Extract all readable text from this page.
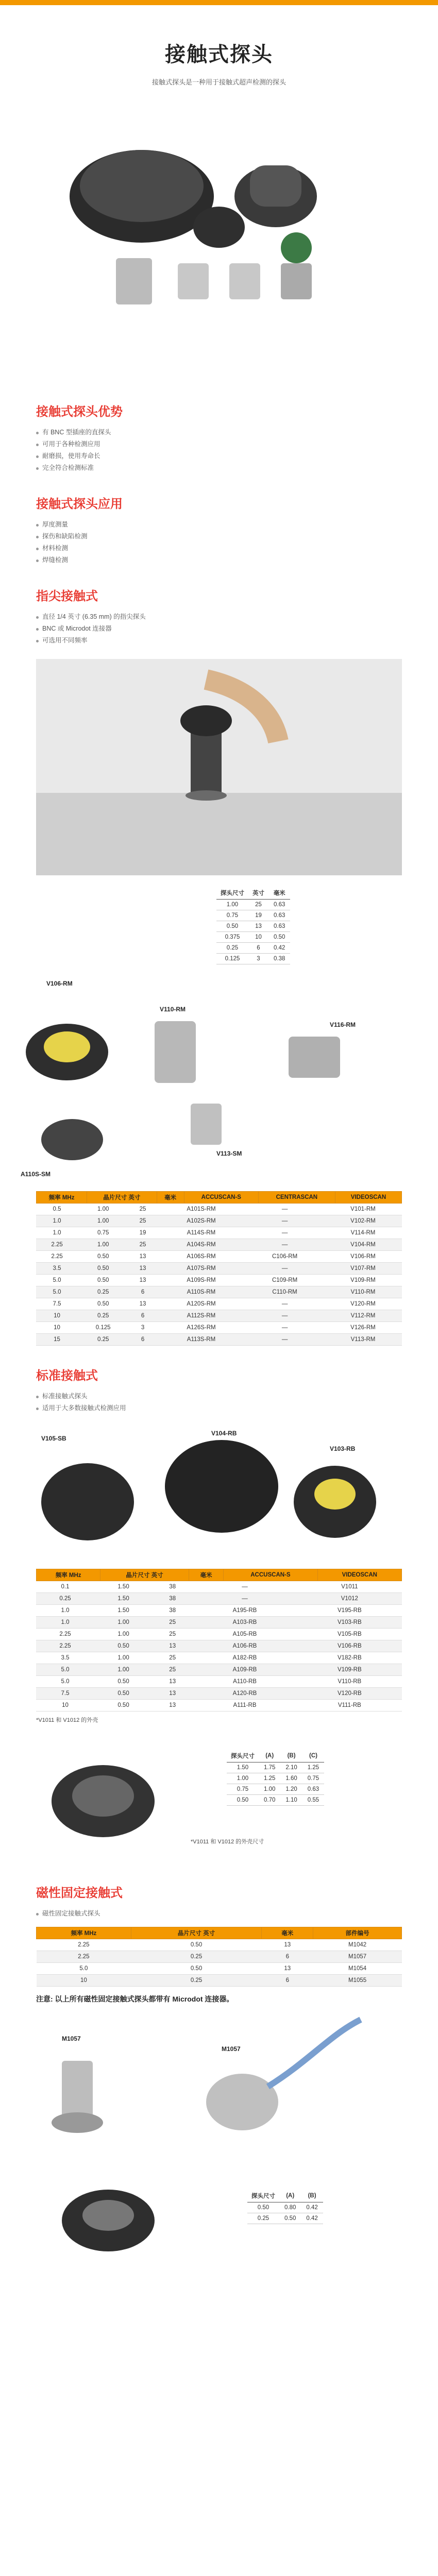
接触式探头
接触式探头是一种用于接触式超声检测的探头
接触式探头优势
有 BNC 型插座的直探头
可用于各种检测应用
耐磨损，使用寿命长
完全符合检测标准
接触式探头应用
厚度测量
探伤和缺陷检测
材料检测
焊缝检测
指尖接触式
直径 1/4 英寸 (6.35 mm) 的指尖探头
BNC 或 Microdot 连接器
可选用不同频率
探头尺寸	英寸	毫米
1.00	25	0.63
0.75	19	0.63
0.50	13	0.63
0.375	10	0.50
0.25	6	0.42
0.125	3	0.38
V106-RM
V110-RM
V116-RM
V113-SM
A110S-SM
频率 MHz	晶片尺寸 英寸	毫米	ACCUSCAN-S	CENTRASCAN	VIDEOSCAN
0.5	1.00	25	A101S-RM	—	V101-RM
1.0	1.00	25	A102S-RM	—	V102-RM
1.0	0.75	19	A114S-RM	—	V114-RM
2.25	1.00	25	A104S-RM	—	V104-RM
2.25	0.50	13	A106S-RM	C106-RM	V106-RM
3.5	0.50	13	A107S-RM	—	V107-RM
5.0	0.50	13	A109S-RM	C109-RM	V109-RM
5.0	0.25	6	A110S-RM	C110-RM	V110-RM
7.5	0.50	13	A120S-RM	—	V120-RM
10	0.25	6	A112S-RM	—	V112-RM
10	0.125	3	A126S-RM	—	V126-RM
15	0.25	6	A113S-RM	—	V113-RM
标准接触式
标准接触式探头
适用于大多数接触式检测应用
V105-SB
V104-RB
V103-RB
频率 MHz	晶片尺寸 英寸	毫米	ACCUSCAN-S	VIDEOSCAN
0.1	1.50	38	—	V1011
0.25	1.50	38	—	V1012
1.0	1.50	38	A195-RB	V195-RB
1.0	1.00	25	A103-RB	V103-RB
2.25	1.00	25	A105-RB	V105-RB
2.25	0.50	13	A106-RB	V106-RB
3.5	1.00	25	A182-RB	V182-RB
5.0	1.00	25	A109-RB	V109-RB
5.0	0.50	13	A110-RB	V110-RB
7.5	0.50	13	A120-RB	V120-RB
10	0.50	13	A111-RB	V111-RB
*V1011 和 V1012 的外壳
探头尺寸	(A)	(B)	(C)
1.50	1.75	2.10	1.25
1.00	1.25	1.60	0.75
0.75	1.00	1.20	0.63
0.50	0.70	1.10	0.55
*V1011 和 V1012 的外壳尺寸
磁性固定接触式
磁性固定接触式探头
频率 MHz	晶片尺寸 英寸	毫米	部件编号
2.25	0.50	13	M1042
2.25	0.25	6	M1057
5.0	0.50	13	M1054
10	0.25	6	M1055
注意: 以上所有磁性固定接触式探头都带有 Microdot 连接器。
M1057
M1057
探头尺寸	(A)	(B)
0.50	0.80	0.42
0.25	0.50	0.42
